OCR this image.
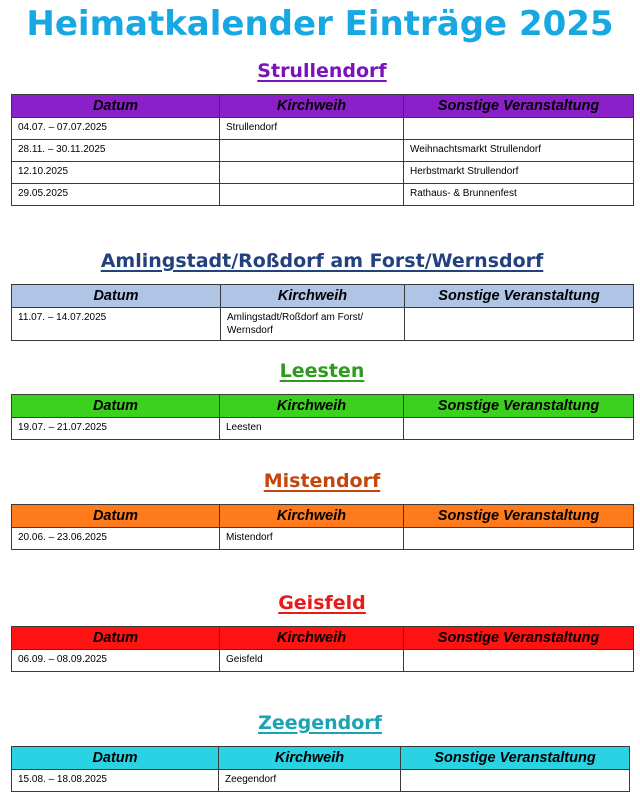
Heimatkalender Einträge 2025
Strullendorf
Datum	Kirchweih	Sonstige Veranstaltung
04.07. – 07.07.2025	Strullendorf	
28.11. – 30.11.2025		Weihnachtsmarkt Strullendorf
12.10.2025		Herbstmarkt Strullendorf
29.05.2025		Rathaus- & Brunnenfest
Amlingstadt/Roßdorf am Forst/Wernsdorf
Datum	Kirchweih	Sonstige Veranstaltung
11.07. – 14.07.2025	Amlingstadt/Roßdorf am Forst/ Wernsdorf	
Leesten
Datum	Kirchweih	Sonstige Veranstaltung
19.07. – 21.07.2025	Leesten	
Mistendorf
Datum	Kirchweih	Sonstige Veranstaltung
20.06. – 23.06.2025	Mistendorf	
Geisfeld
Datum	Kirchweih	Sonstige Veranstaltung
06.09. – 08.09.2025	Geisfeld	
Zeegendorf
Datum	Kirchweih	Sonstige Veranstaltung
15.08. – 18.08.2025	Zeegendorf	
